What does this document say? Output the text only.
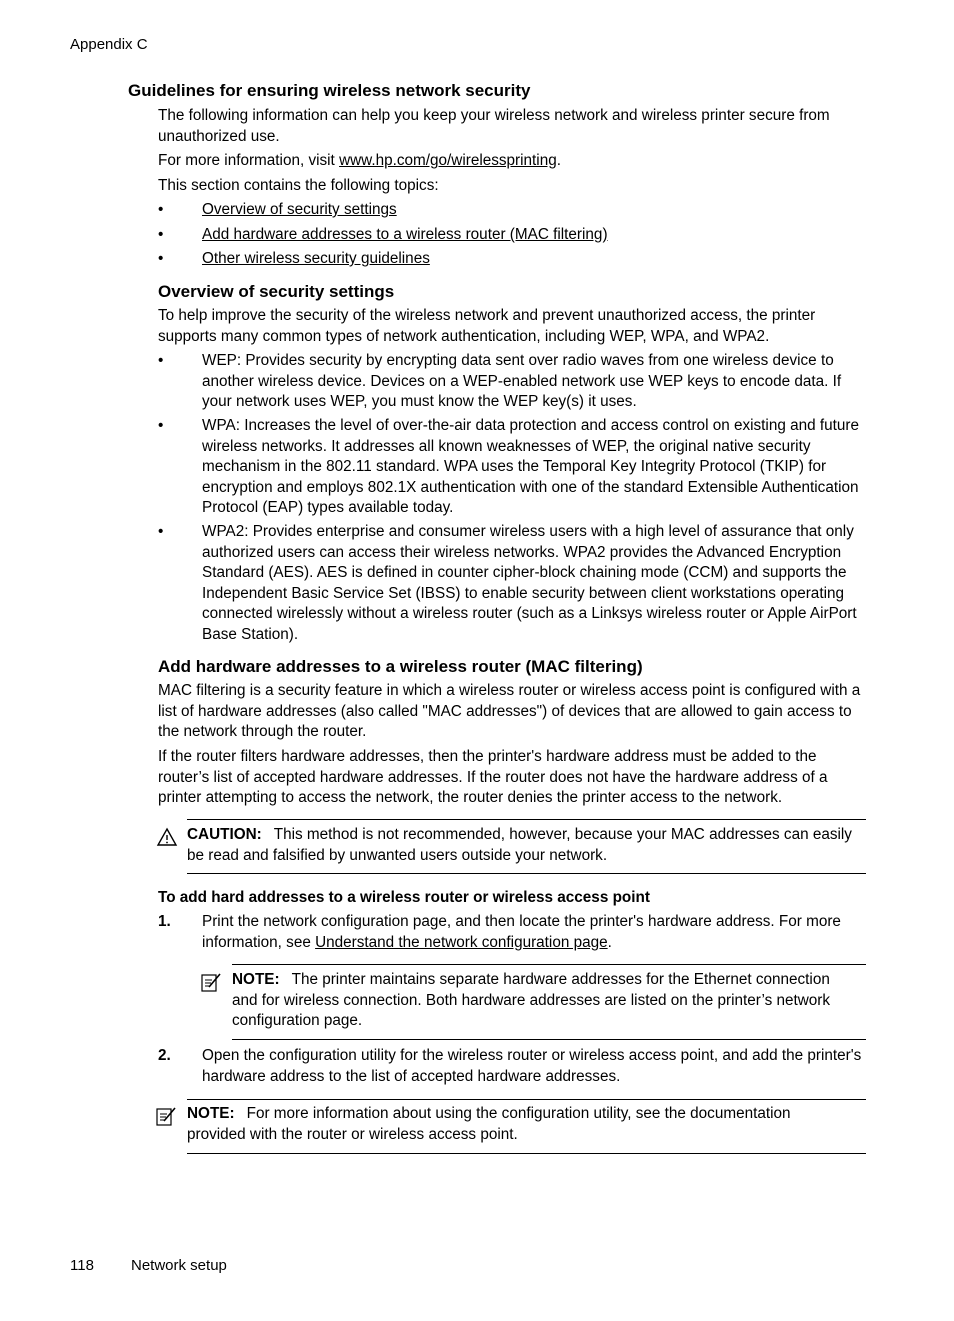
Appendix C
Guidelines for ensuring wireless network security
The following information can help you keep your wireless network and wireless printer secure from unauthorized use.
For more information, visit www.hp.com/go/wirelessprinting.
This section contains the following topics:
•	Overview of security settings
•	Add hardware addresses to a wireless router (MAC filtering)
•	Other wireless security guidelines
Overview of security settings
To help improve the security of the wireless network and prevent unauthorized access, the printer supports many common types of network authentication, including WEP, WPA, and WPA2.
•	WEP: Provides security by encrypting data sent over radio waves from one wireless device to another wireless device. Devices on a WEP-enabled network use WEP keys to encode data. If your network uses WEP, you must know the WEP key(s) it uses.
•	WPA: Increases the level of over-the-air data protection and access control on existing and future wireless networks. It addresses all known weaknesses of WEP, the original native security mechanism in the 802.11 standard. WPA uses the Temporal Key Integrity Protocol (TKIP) for encryption and employs 802.1X authentication with one of the standard Extensible Authentication Protocol (EAP) types available today.
•	WPA2: Provides enterprise and consumer wireless users with a high level of assurance that only authorized users can access their wireless networks. WPA2 provides the Advanced Encryption Standard (AES). AES is defined in counter cipher-block chaining mode (CCM) and supports the Independent Basic Service Set (IBSS) to enable security between client workstations operating connected wirelessly without a wireless router (such as a Linksys wireless router or Apple AirPort Base Station).
Add hardware addresses to a wireless router (MAC filtering)
MAC filtering is a security feature in which a wireless router or wireless access point is configured with a list of hardware addresses (also called "MAC addresses") of devices that are allowed to gain access to the network through the router.
If the router filters hardware addresses, then the printer's hardware address must be added to the router’s list of accepted hardware addresses. If the router does not have the hardware address of a printer attempting to access the network, the router denies the printer access to the network.
CAUTION: This method is not recommended, however, because your MAC addresses can easily be read and falsified by unwanted users outside your network.
To add hard addresses to a wireless router or wireless access point
1. Print the network configuration page, and then locate the printer's hardware address. For more information, see Understand the network configuration page.
NOTE: The printer maintains separate hardware addresses for the Ethernet connection and for wireless connection. Both hardware addresses are listed on the printer’s network configuration page.
2. Open the configuration utility for the wireless router or wireless access point, and add the printer's hardware address to the list of accepted hardware addresses.
NOTE: For more information about using the configuration utility, see the documentation provided with the router or wireless access point.
118 Network setup
